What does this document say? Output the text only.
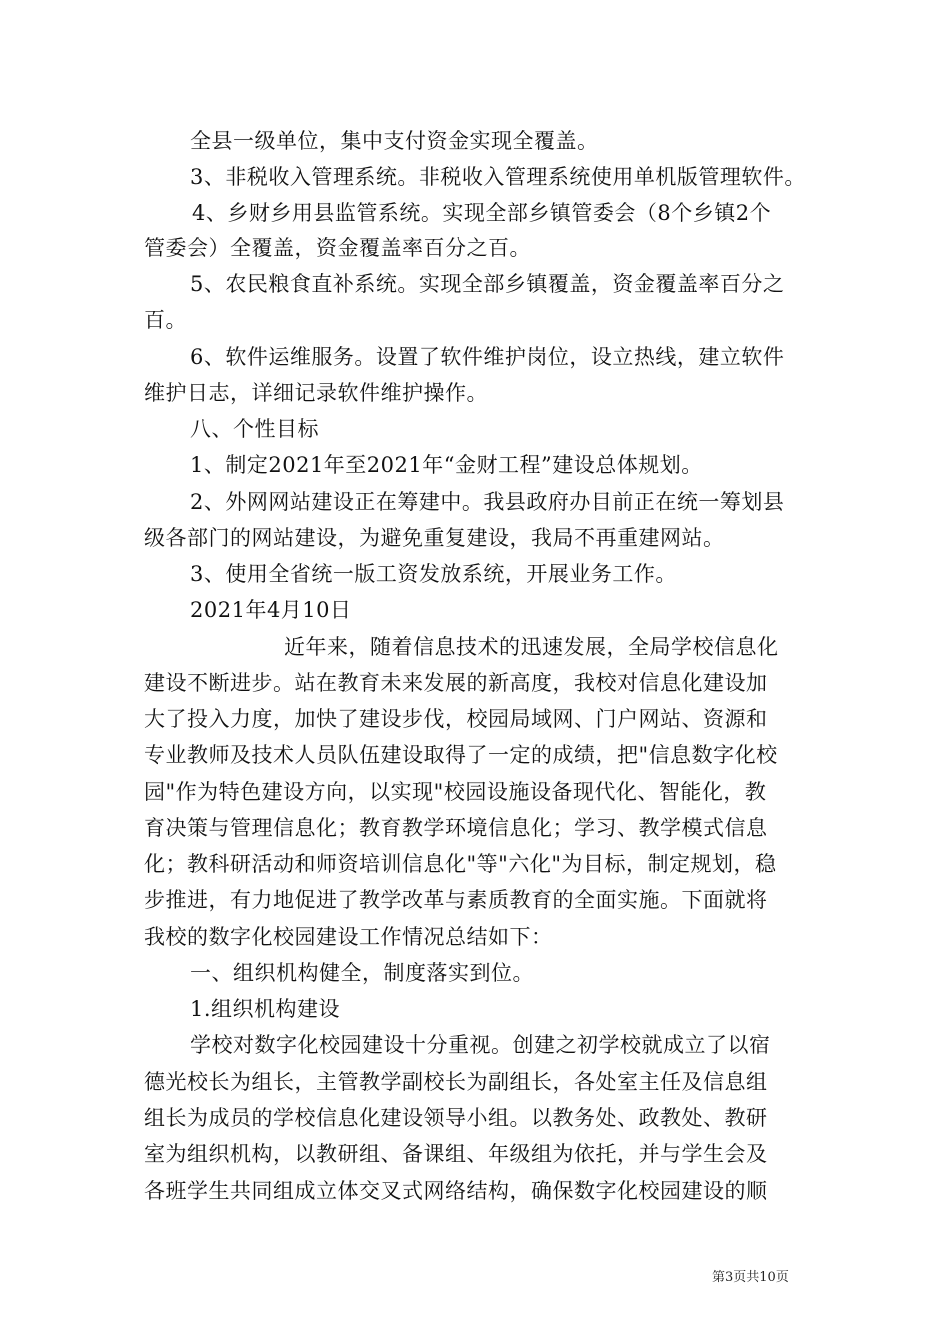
全县一级单位，集中支付资金实现全覆盖。
3、非税收入管理系统。非税收入管理系统使用单机版管理软件。
4、乡财乡用县监管系统。实现全部乡镇管委会（8个乡镇2个
管委会）全覆盖，资金覆盖率百分之百。
5、农民粮食直补系统。实现全部乡镇覆盖，资金覆盖率百分之
百。
6、软件运维服务。设置了软件维护岗位，设立热线，建立软件
维护日志，详细记录软件维护操作。
八、个性目标
1、制定2021年至2021年“金财工程”建设总体规划。
2、外网网站建设正在筹建中。我县政府办目前正在统一筹划县
级各部门的网站建设，为避免重复建设，我局不再重建网站。
3、使用全省统一版工资发放系统，开展业务工作。
2021年4月10日
近年来，随着信息技术的迅速发展，全局学校信息化
建设不断进步。站在教育未来发展的新高度，我校对信息化建设加
大了投入力度，加快了建设步伐，校园局域网、门户网站、资源和
专业教师及技术人员队伍建设取得了一定的成绩，把"信息数字化校
园"作为特色建设方向，以实现"校园设施设备现代化、智能化，教
育决策与管理信息化；教育教学环境信息化；学习、教学模式信息
化；教科研活动和师资培训信息化"等"六化"为目标，制定规划，稳
步推进，有力地促进了教学改革与素质教育的全面实施。下面就将
我校的数字化校园建设工作情况总结如下：
一、组织机构健全，制度落实到位。
1.组织机构建设
学校对数字化校园建设十分重视。创建之初学校就成立了以宿
德光校长为组长，主管教学副校长为副组长，各处室主任及信息组
组长为成员的学校信息化建设领导小组。以教务处、政教处、教研
室为组织机构，以教研组、备课组、年级组为依托，并与学生会及
各班学生共同组成立体交叉式网络结构，确保数字化校园建设的顺
第3页共10页
